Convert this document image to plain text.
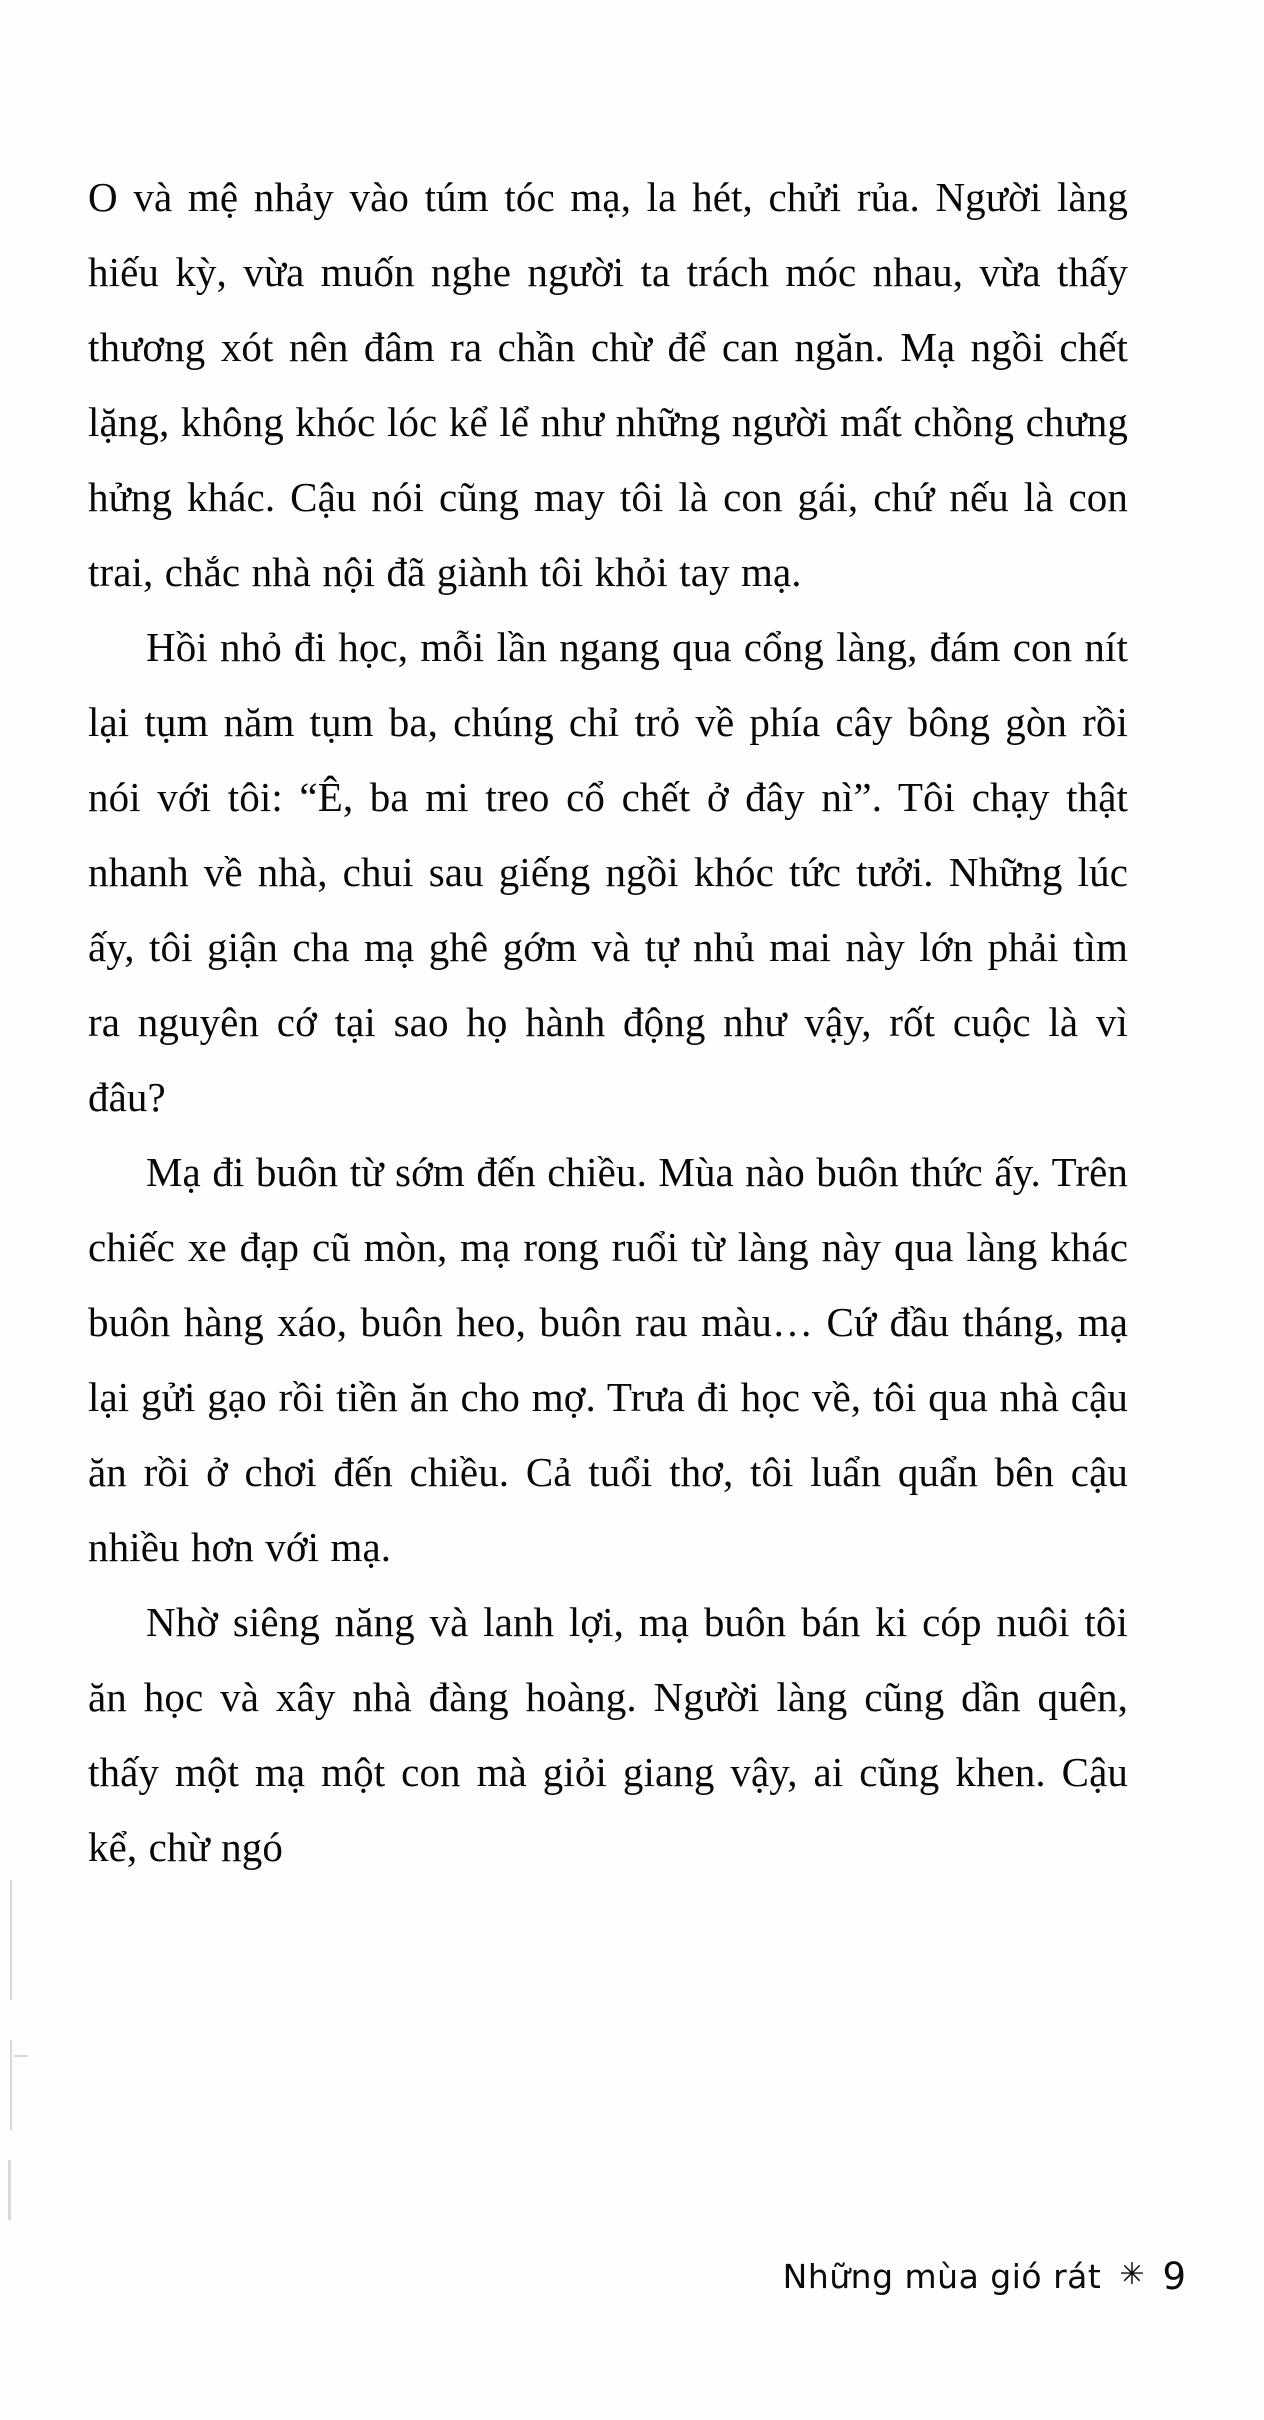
O và mệ nhảy vào túm tóc mạ, la hét, chửi rủa. Người làng hiếu kỳ, vừa muốn nghe người ta trách móc nhau, vừa thấy thương xót nên đâm ra chần chừ để can ngăn. Mạ ngồi chết lặng, không khóc lóc kể lể như những người mất chồng chưng hửng khác. Cậu nói cũng may tôi là con gái, chứ nếu là con trai, chắc nhà nội đã giành tôi khỏi tay mạ.

Hồi nhỏ đi học, mỗi lần ngang qua cổng làng, đám con nít lại tụm năm tụm ba, chúng chỉ trỏ về phía cây bông gòn rồi nói với tôi: “Ê, ba mi treo cổ chết ở đây nì”. Tôi chạy thật nhanh về nhà, chui sau giếng ngồi khóc tức tưởi. Những lúc ấy, tôi giận cha mạ ghê gớm và tự nhủ mai này lớn phải tìm ra nguyên cớ tại sao họ hành động như vậy, rốt cuộc là vì đâu?

Mạ đi buôn từ sớm đến chiều. Mùa nào buôn thức ấy. Trên chiếc xe đạp cũ mòn, mạ rong ruổi từ làng này qua làng khác buôn hàng xáo, buôn heo, buôn rau màu… Cứ đầu tháng, mạ lại gửi gạo rồi tiền ăn cho mợ. Trưa đi học về, tôi qua nhà cậu ăn rồi ở chơi đến chiều. Cả tuổi thơ, tôi luẩn quẩn bên cậu nhiều hơn với mạ.

Nhờ siêng năng và lanh lợi, mạ buôn bán ki cóp nuôi tôi ăn học và xây nhà đàng hoàng. Người làng cũng dần quên, thấy một mạ một con mà giỏi giang vậy, ai cũng khen. Cậu kể, chừ ngó

Những mùa gió rát ✳ 9
